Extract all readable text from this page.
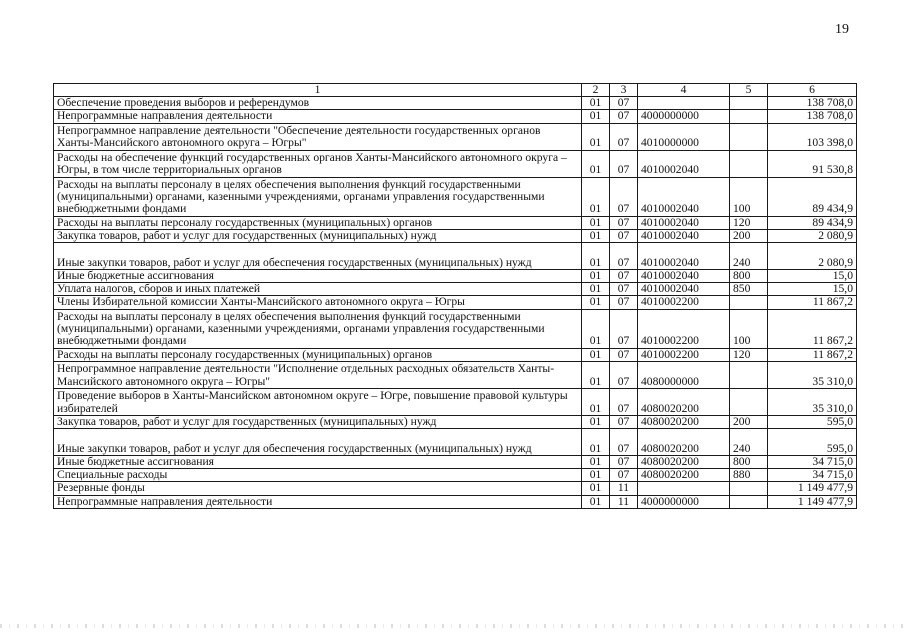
19
1	2	3	4	5	6
Обеспечение проведения выборов и референдумов	01	07			138 708,0
Непрограммные направления деятельности	01	07	4000000000		138 708,0
Непрограммное направление деятельности "Обеспечение деятельности государственных органов Ханты-Мансийского автономного округа – Югры"	01	07	4010000000		103 398,0
Расходы на обеспечение функций государственных органов Ханты-Мансийского автономного округа – Югры, в том числе территориальных органов	01	07	4010002040		91 530,8
Расходы на выплаты персоналу в целях обеспечения выполнения функций государственными (муниципальными) органами, казенными учреждениями, органами управления государственными внебюджетными фондами	01	07	4010002040	100	89 434,9
Расходы на выплаты персоналу государственных (муниципальных) органов	01	07	4010002040	120	89 434,9
Закупка товаров, работ и услуг для государственных (муниципальных) нужд	01	07	4010002040	200	2 080,9
Иные закупки товаров, работ и услуг для обеспечения государственных (муниципальных) нужд	01	07	4010002040	240	2 080,9
Иные бюджетные ассигнования	01	07	4010002040	800	15,0
Уплата налогов, сборов и иных платежей	01	07	4010002040	850	15,0
Члены Избирательной комиссии Ханты-Мансийского автономного округа – Югры	01	07	4010002200		11 867,2
Расходы на выплаты персоналу в целях обеспечения выполнения функций государственными (муниципальными) органами, казенными учреждениями, органами управления государственными внебюджетными фондами	01	07	4010002200	100	11 867,2
Расходы на выплаты персоналу государственных (муниципальных) органов	01	07	4010002200	120	11 867,2
Непрограммное направление деятельности "Исполнение отдельных расходных обязательств Ханты-Мансийского автономного округа – Югры"	01	07	4080000000		35 310,0
Проведение выборов в Ханты-Мансийском автономном округе – Югре, повышение правовой культуры избирателей	01	07	4080020200		35 310,0
Закупка товаров, работ и услуг для государственных (муниципальных) нужд	01	07	4080020200	200	595,0
Иные закупки товаров, работ и услуг для обеспечения государственных (муниципальных) нужд	01	07	4080020200	240	595,0
Иные бюджетные ассигнования	01	07	4080020200	800	34 715,0
Специальные расходы	01	07	4080020200	880	34 715,0
Резервные фонды	01	11			1 149 477,9
Непрограммные направления деятельности	01	11	4000000000		1 149 477,9
